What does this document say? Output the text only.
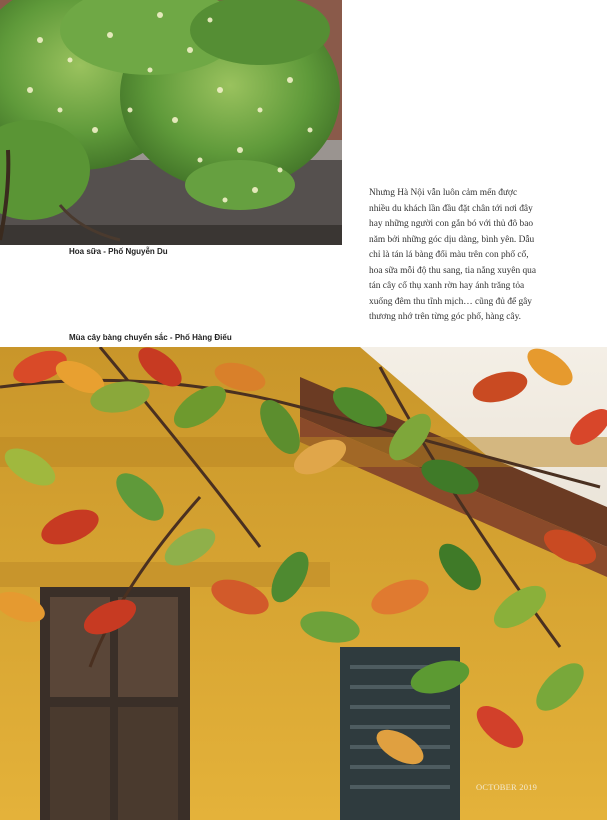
Hoa sữa - Phố Nguyễn Du
Nhưng Hà Nội vẫn luôn cảm mến được
nhiều du khách lần đầu đặt chân tới nơi đây
hay những người con gắn bó với thủ đô bao
năm bởi những góc dịu dàng, bình yên. Dẫu
chỉ là tán lá bàng đổi màu trên con phố cổ,
hoa sữa mỗi độ thu sang, tia nắng xuyên qua
tán cây cổ thụ xanh rờn hay ánh trăng tỏa
xuống đêm thu tĩnh mịch… cũng đủ để gây
thương nhớ trên từng góc phố, hàng cây.
Mùa cây bàng chuyển sắc - Phố Hàng Điếu
OCTOBER 2019
